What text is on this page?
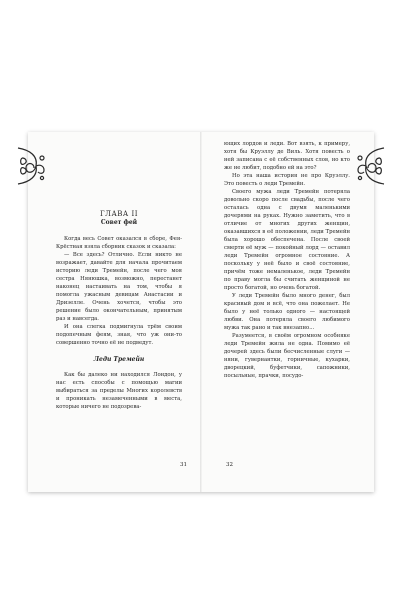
ГЛАВА II
Совет фей

Когда весь Совет оказался в сборе, Фея-Крёстная взяла сборник сказок и сказала:

— Все здесь? Отлично. Если никто не возражает, давайте для начала прочитаем историю леди Тремейн, после чего моя сестра Нянюшка, возможно, перестанет наконец настаивать на том, чтобы я помогла ужасным девицам Анастасии и Дризелле. Очень хочется, чтобы это решение было окончательным, принятым раз и навсегда.

И она слегка подмигнула трём своим подопечным феям, зная, что уж они-то совершенно точно её не подведут.

Леди Тремейн

Как бы далеко ни находился Лондон, у нас есть способы с помощью магии выбираться за пределы Многих королевств и проникать незамеченными в места, которые ничего не подозрева-

31

ющих лордов и леди. Вот взять, к примеру, хотя бы Круэллу де Виль. Хотя повесть о ней записана с её собственных слов, но кто же не любит, подобно ей на это?

Но эта наша история не про Круэллу. Это повесть о леди Тремейн.

Своего мужа леди Тремейн потеряла довольно скоро после свадьбы, после чего осталась одна с двумя маленькими дочерями на руках. Нужно заметить, что в отличие от многих других женщин, оказавшихся в её положении, леди Тремейн была хорошо обеспечена. После своей смерти её муж — покойный лорд — оставил леди Тремейн огромное состояние. А поскольку у неё было и своё состояние, причём тоже немаленькое, леди Тремейн по праву могла бы считать женщиной не просто богатой, но очень богатой.

У леди Тремейн было много денег, был красивый дом и всё, что она пожелает. Не было у неё только одного — настоящей любви. Она потеряла своего любимого мужа так рано и так внезапно...

Разумеется, в своём огромном особняке леди Тремейн жила не одна. Помимо её дочерей здесь были бесчисленные слуги — няни, гувернантки, горничные, кухарки, дворецкий, буфетчики, сапожники, посыльные, прачки, посудо-

32
